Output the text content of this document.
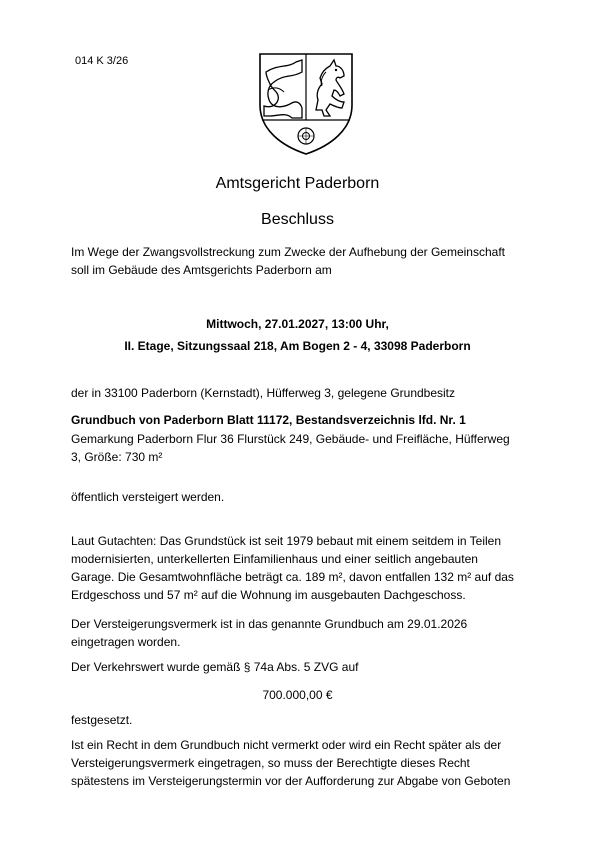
014 K 3/26
Amtsgericht Paderborn
Beschluss

Im Wege der Zwangsvollstreckung zum Zwecke der Aufhebung der Gemeinschaft

soll im Gebäude des Amtsgerichts Paderborn am

Mittwoch, 27.01.2027, 13:00 Uhr,

II. Etage, Sitzungssaal 218, Am Bogen 2 - 4, 33098 Paderborn

der in 33100 Paderborn (Kernstadt), Hüfferweg 3, gelegene Grundbesitz
Grundbuch von Paderborn Blatt 11172, Bestandsverzeichnis lfd. Nr. 1

Gemarkung Paderborn Flur 36 Flurstück 249, Gebäude- und Freifläche, Hüfferweg

3, Größe: 730 m²

öffentlich versteigert werden.

Laut Gutachten: Das Grundstück ist seit 1979 bebaut mit einem seitdem in Teilen

modernisierten, unterkellerten Einfamilienhaus und einer seitlich angebauten

Garage. Die Gesamtwohnfläche beträgt ca. 189 m², davon entfallen 132 m² auf das

Erdgeschoss und 57 m² auf die Wohnung im ausgebauten Dachgeschoss.

Der Versteigerungsvermerk ist in das genannte Grundbuch am 29.01.2026

eingetragen worden.

Der Verkehrswert wurde gemäß § 74a Abs. 5 ZVG auf
700.000,00 €
festgesetzt.

Ist ein Recht in dem Grundbuch nicht vermerkt oder wird ein Recht später als der

Versteigerungsvermerk eingetragen, so muss der Berechtigte dieses Recht

spätestens im Versteigerungstermin vor der Aufforderung zur Abgabe von Geboten
